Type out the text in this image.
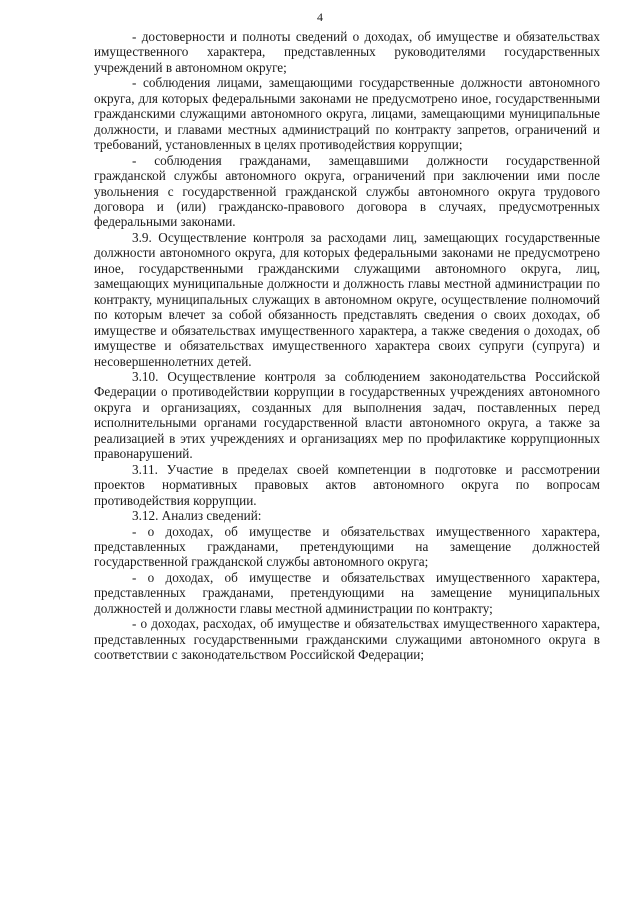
4

- достоверности и полноты сведений о доходах, об имуществе и обязательствах имущественного характера, представленных руководителями государственных учреждений в автономном округе;

- соблюдения лицами, замещающими государственные должности автономного округа, для которых федеральными законами не предусмотрено иное, государственными гражданскими служащими автономного округа, лицами, замещающими муниципальные должности, и главами местных администраций по контракту запретов, ограничений и требований, установленных в целях противодействия коррупции;

- соблюдения гражданами, замещавшими должности государственной гражданской службы автономного округа, ограничений при заключении ими после увольнения с государственной гражданской службы автономного округа трудового договора и (или) гражданско-правового договора в случаях, предусмотренных федеральными законами.

3.9. Осуществление контроля за расходами лиц, замещающих государственные должности автономного округа, для которых федеральными законами не предусмотрено иное, государственными гражданскими служащими автономного округа, лиц, замещающих муниципальные должности и должность главы местной администрации по контракту, муниципальных служащих в автономном округе, осуществление полномочий по которым влечет за собой обязанность представлять сведения о своих доходах, об имуществе и обязательствах имущественного характера, а также сведения о доходах, об имуществе и обязательствах имущественного характера своих супруги (супруга) и несовершеннолетних детей.

3.10. Осуществление контроля за соблюдением законодательства Российской Федерации о противодействии коррупции в государственных учреждениях автономного округа и организациях, созданных для выполнения задач, поставленных перед исполнительными органами государственной власти автономного округа, а также за реализацией в этих учреждениях и организациях мер по профилактике коррупционных правонарушений.

3.11. Участие в пределах своей компетенции в подготовке и рассмотрении проектов нормативных правовых актов автономного округа по вопросам противодействия коррупции.

3.12. Анализ сведений:

- о доходах, об имуществе и обязательствах имущественного характера, представленных гражданами, претендующими на замещение должностей государственной гражданской службы автономного округа;

- о доходах, об имуществе и обязательствах имущественного характера, представленных гражданами, претендующими на замещение муниципальных должностей и должности главы местной администрации по контракту;

- о доходах, расходах, об имуществе и обязательствах имущественного характера, представленных государственными гражданскими служащими автономного округа в соответствии с законодательством Российской Федерации;
